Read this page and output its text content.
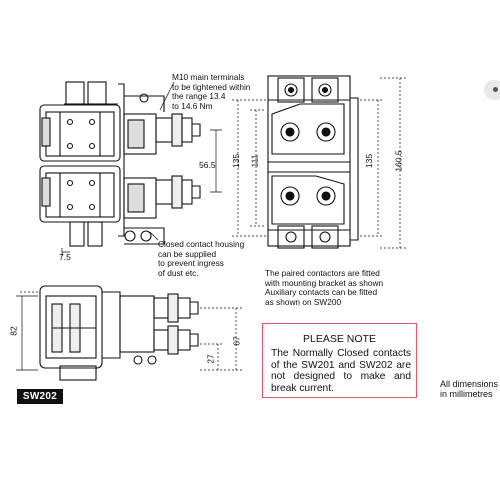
M10 main terminals
to be tightened within
the range 13.4
to 14.6 Nm
Closed contact housing
can be supplied
to prevent ingress
of dust etc.	The paired contactors are fitted
with mounting bracket as shown
Auxiliary contacts can be fitted
as shown on SW200
All dimensions
in millimetres
56.5
7.5
135 111	135 160.5
82
67
27
SW202
PLEASE NOTE
The Normally Closed contacts of the SW201 and SW202 are not designed to make and break current.
